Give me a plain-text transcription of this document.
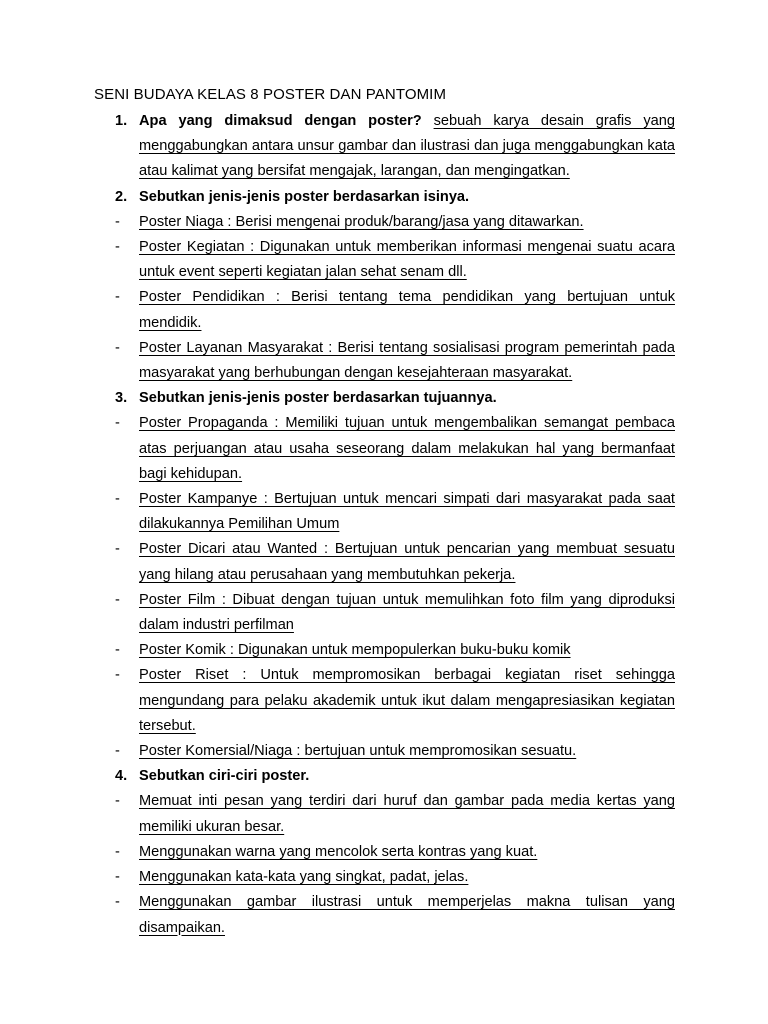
SENI BUDAYA KELAS 8 POSTER DAN PANTOMIM
1. Apa yang dimaksud dengan poster? sebuah karya desain grafis yang menggabungkan antara unsur gambar dan ilustrasi dan juga menggabungkan kata atau kalimat yang bersifat mengajak, larangan, dan mengingatkan.
2. Sebutkan jenis-jenis poster berdasarkan isinya.
-	Poster Niaga : Berisi mengenai produk/barang/jasa yang ditawarkan.
-	Poster Kegiatan : Digunakan untuk memberikan informasi mengenai suatu acara untuk event seperti kegiatan jalan sehat senam dll.
-	Poster Pendidikan : Berisi tentang tema pendidikan yang bertujuan untuk mendidik.
-	Poster Layanan Masyarakat : Berisi tentang sosialisasi program pemerintah pada masyarakat yang berhubungan dengan kesejahteraan masyarakat.
3. Sebutkan jenis-jenis poster berdasarkan tujuannya.
-	Poster Propaganda : Memiliki tujuan untuk mengembalikan semangat pembaca atas perjuangan atau usaha seseorang dalam melakukan hal yang bermanfaat bagi kehidupan.
-	Poster Kampanye : Bertujuan untuk mencari simpati dari masyarakat pada saat dilakukannya Pemilihan Umum
-	Poster Dicari atau Wanted : Bertujuan untuk pencarian yang membuat sesuatu yang hilang atau perusahaan yang membutuhkan pekerja.
-	Poster Film : Dibuat dengan tujuan untuk memulihkan foto film yang diproduksi dalam industri perfilman
-	Poster Komik : Digunakan untuk mempopulerkan buku-buku komik
-	Poster Riset : Untuk mempromosikan berbagai kegiatan riset sehingga mengundang para pelaku akademik untuk ikut dalam mengapresiasikan kegiatan tersebut.
-	Poster Komersial/Niaga : bertujuan untuk mempromosikan sesuatu.
4. Sebutkan ciri-ciri poster.
-	Memuat inti pesan yang terdiri dari huruf dan gambar pada media kertas yang memiliki ukuran besar.
-	Menggunakan warna yang mencolok serta kontras yang kuat.
-	Menggunakan kata-kata yang singkat, padat, jelas.
-	Menggunakan gambar ilustrasi untuk memperjelas makna tulisan yang disampaikan.
